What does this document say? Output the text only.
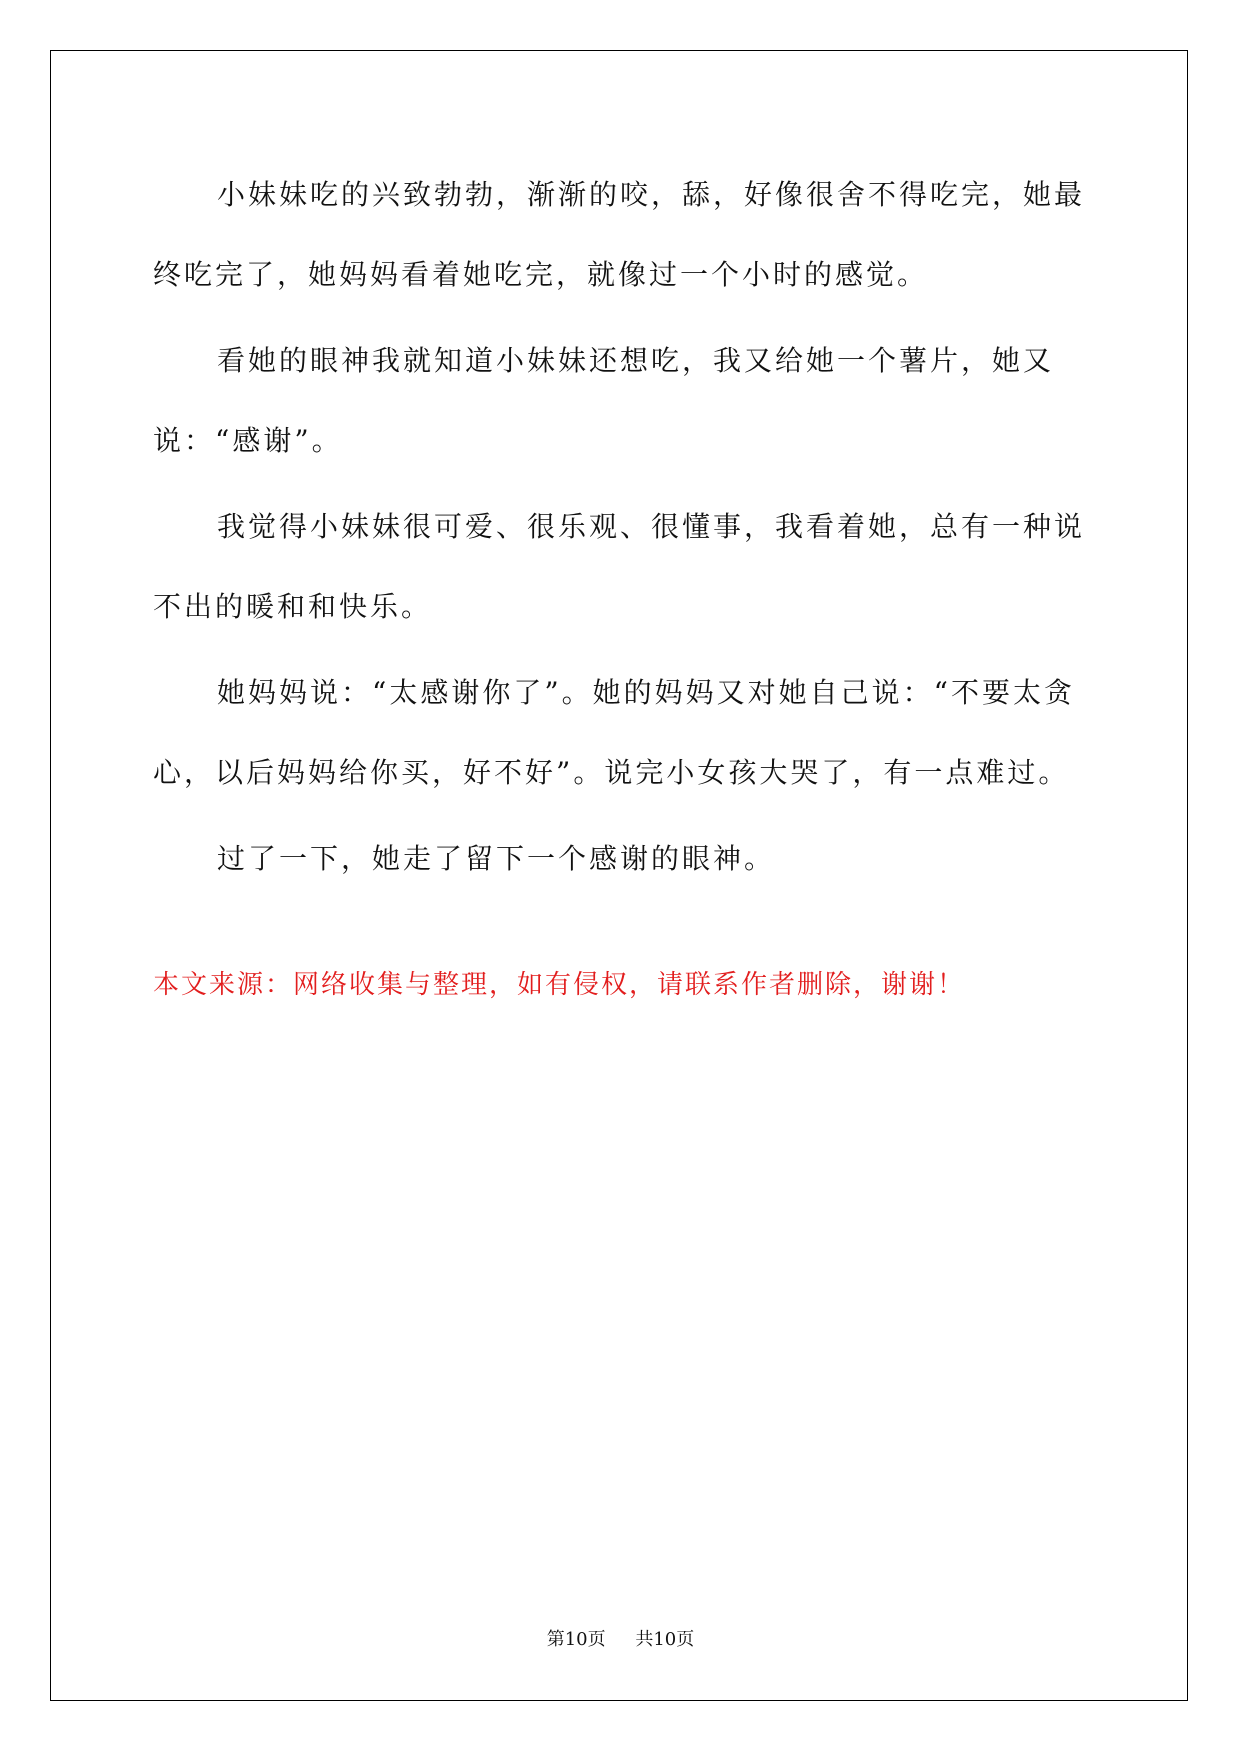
小妹妹吃的兴致勃勃，渐渐的咬，舔，好像很舍不得吃完，她最终吃完了，她妈妈看着她吃完，就像过一个小时的感觉。

看她的眼神我就知道小妹妹还想吃，我又给她一个薯片，她又说：“感谢”。

我觉得小妹妹很可爱、很乐观、很懂事，我看着她，总有一种说不出的暖和和快乐。

她妈妈说：“太感谢你了”。她的妈妈又对她自己说：“不要太贪心，以后妈妈给你买，好不好”。说完小女孩大哭了，有一点难过。

过了一下，她走了留下一个感谢的眼神。

本文来源：网络收集与整理，如有侵权，请联系作者删除，谢谢！

第10页 共10页
